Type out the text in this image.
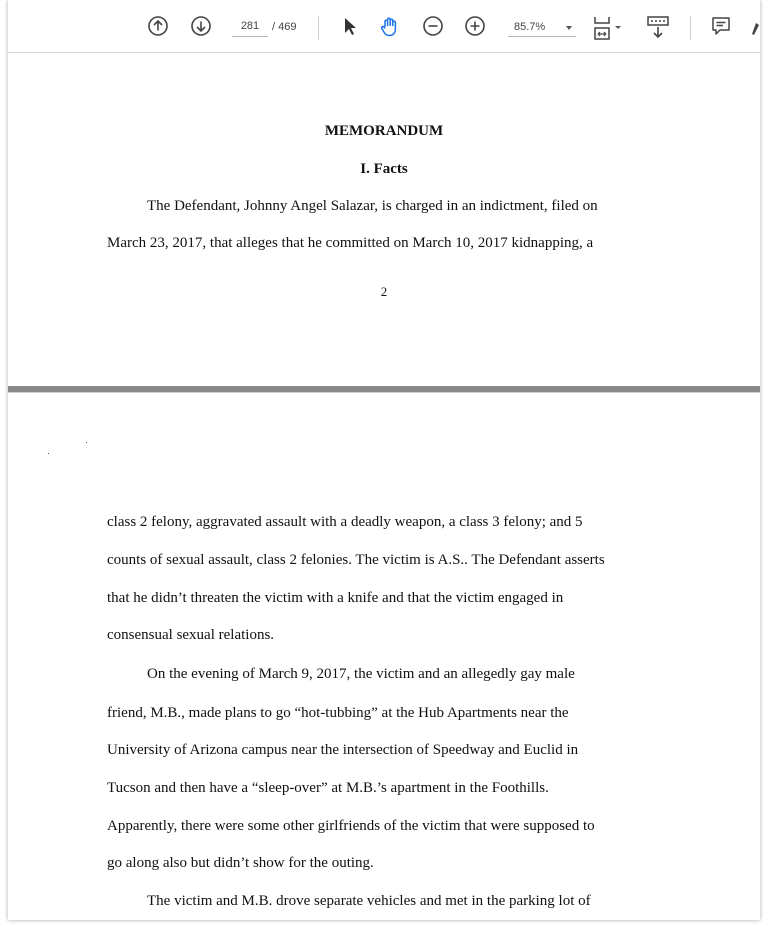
281	/ 469	85.7%
MEMORANDUM
I. Facts
The Defendant, Johnny Angel Salazar, is charged in an indictment, filed on
March 23, 2017, that alleges that he committed on March 10, 2017 kidnapping, a
2
class 2 felony, aggravated assault with a deadly weapon, a class 3 felony; and 5
counts of sexual assault, class 2 felonies. The victim is A.S.. The Defendant asserts
that he didn’t threaten the victim with a knife and that the victim engaged in
consensual sexual relations.
On the evening of March 9, 2017, the victim and an allegedly gay male
friend, M.B., made plans to go “hot-tubbing” at the Hub Apartments near the
University of Arizona campus near the intersection of Speedway and Euclid in
Tucson and then have a “sleep-over” at M.B.’s apartment in the Foothills.
Apparently, there were some other girlfriends of the victim that were supposed to
go along also but didn’t show for the outing.
The victim and M.B. drove separate vehicles and met in the parking lot of
